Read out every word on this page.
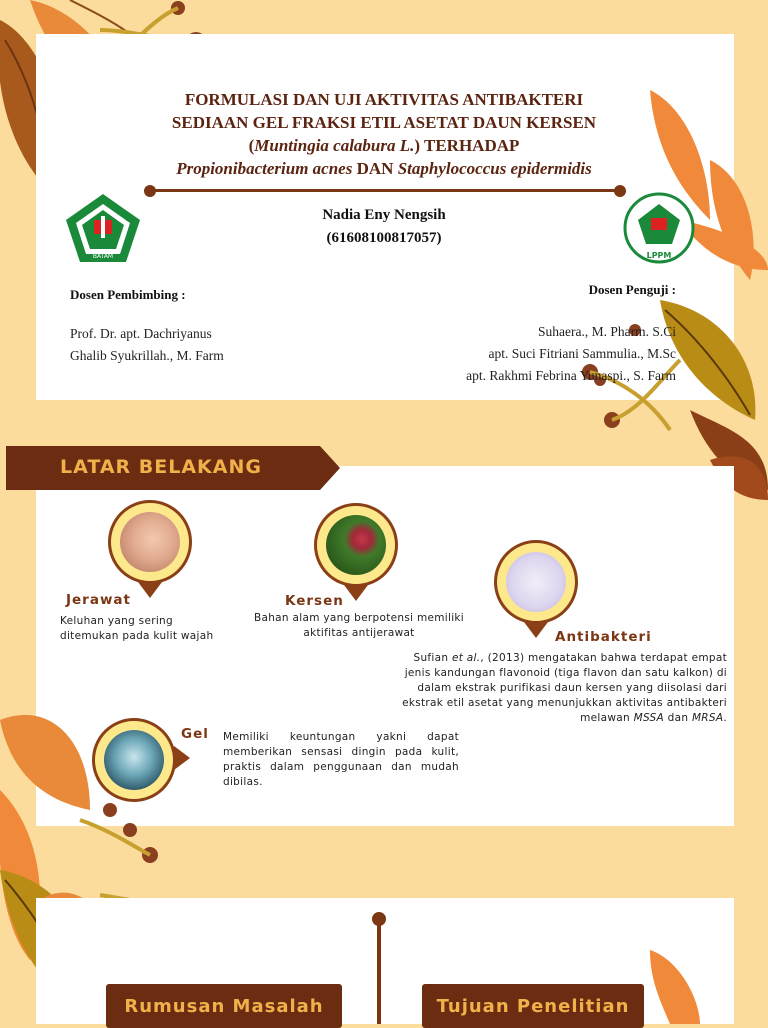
BATAM	LPPM
FORMULASI DAN UJI AKTIVITAS ANTIBAKTERI
SEDIAAN GEL FRAKSI ETIL ASETAT DAUN KERSEN
(Muntingia calabura L.) TERHADAP
Propionibacterium acnes DAN Staphylococcus epidermidis
Nadia Eny Nengsih
(61608100817057)
Dosen Pembimbing :
Prof. Dr. apt. Dachriyanus
Ghalib Syukrillah., M. Farm
Dosen Penguji :
Suhaera., M. Pharm. S.Ci
apt. Suci Fitriani Sammulia., M.Sc
apt. Rakhmi Febrina Yunaspi., S. Farm
LATAR BELAKANG
Jerawat
Keluhan yang sering ditemukan pada kulit wajah
Kersen
Bahan alam yang berpotensi memiliki aktifitas antijerawat	Antibakteri
Sufian et al., (2013) mengatakan bahwa terdapat empat jenis kandungan flavonoid (tiga flavon dan satu kalkon) di dalam ekstrak purifikasi daun kersen yang diisolasi dari ekstrak etil asetat yang menunjukkan aktivitas antibakteri melawan MSSA dan MRSA.
Gel Memiliki keuntungan yakni dapat memberikan sensasi dingin pada kulit, praktis dalam penggunaan dan mudah dibilas.
Rumusan Masalah	Tujuan Penelitian
